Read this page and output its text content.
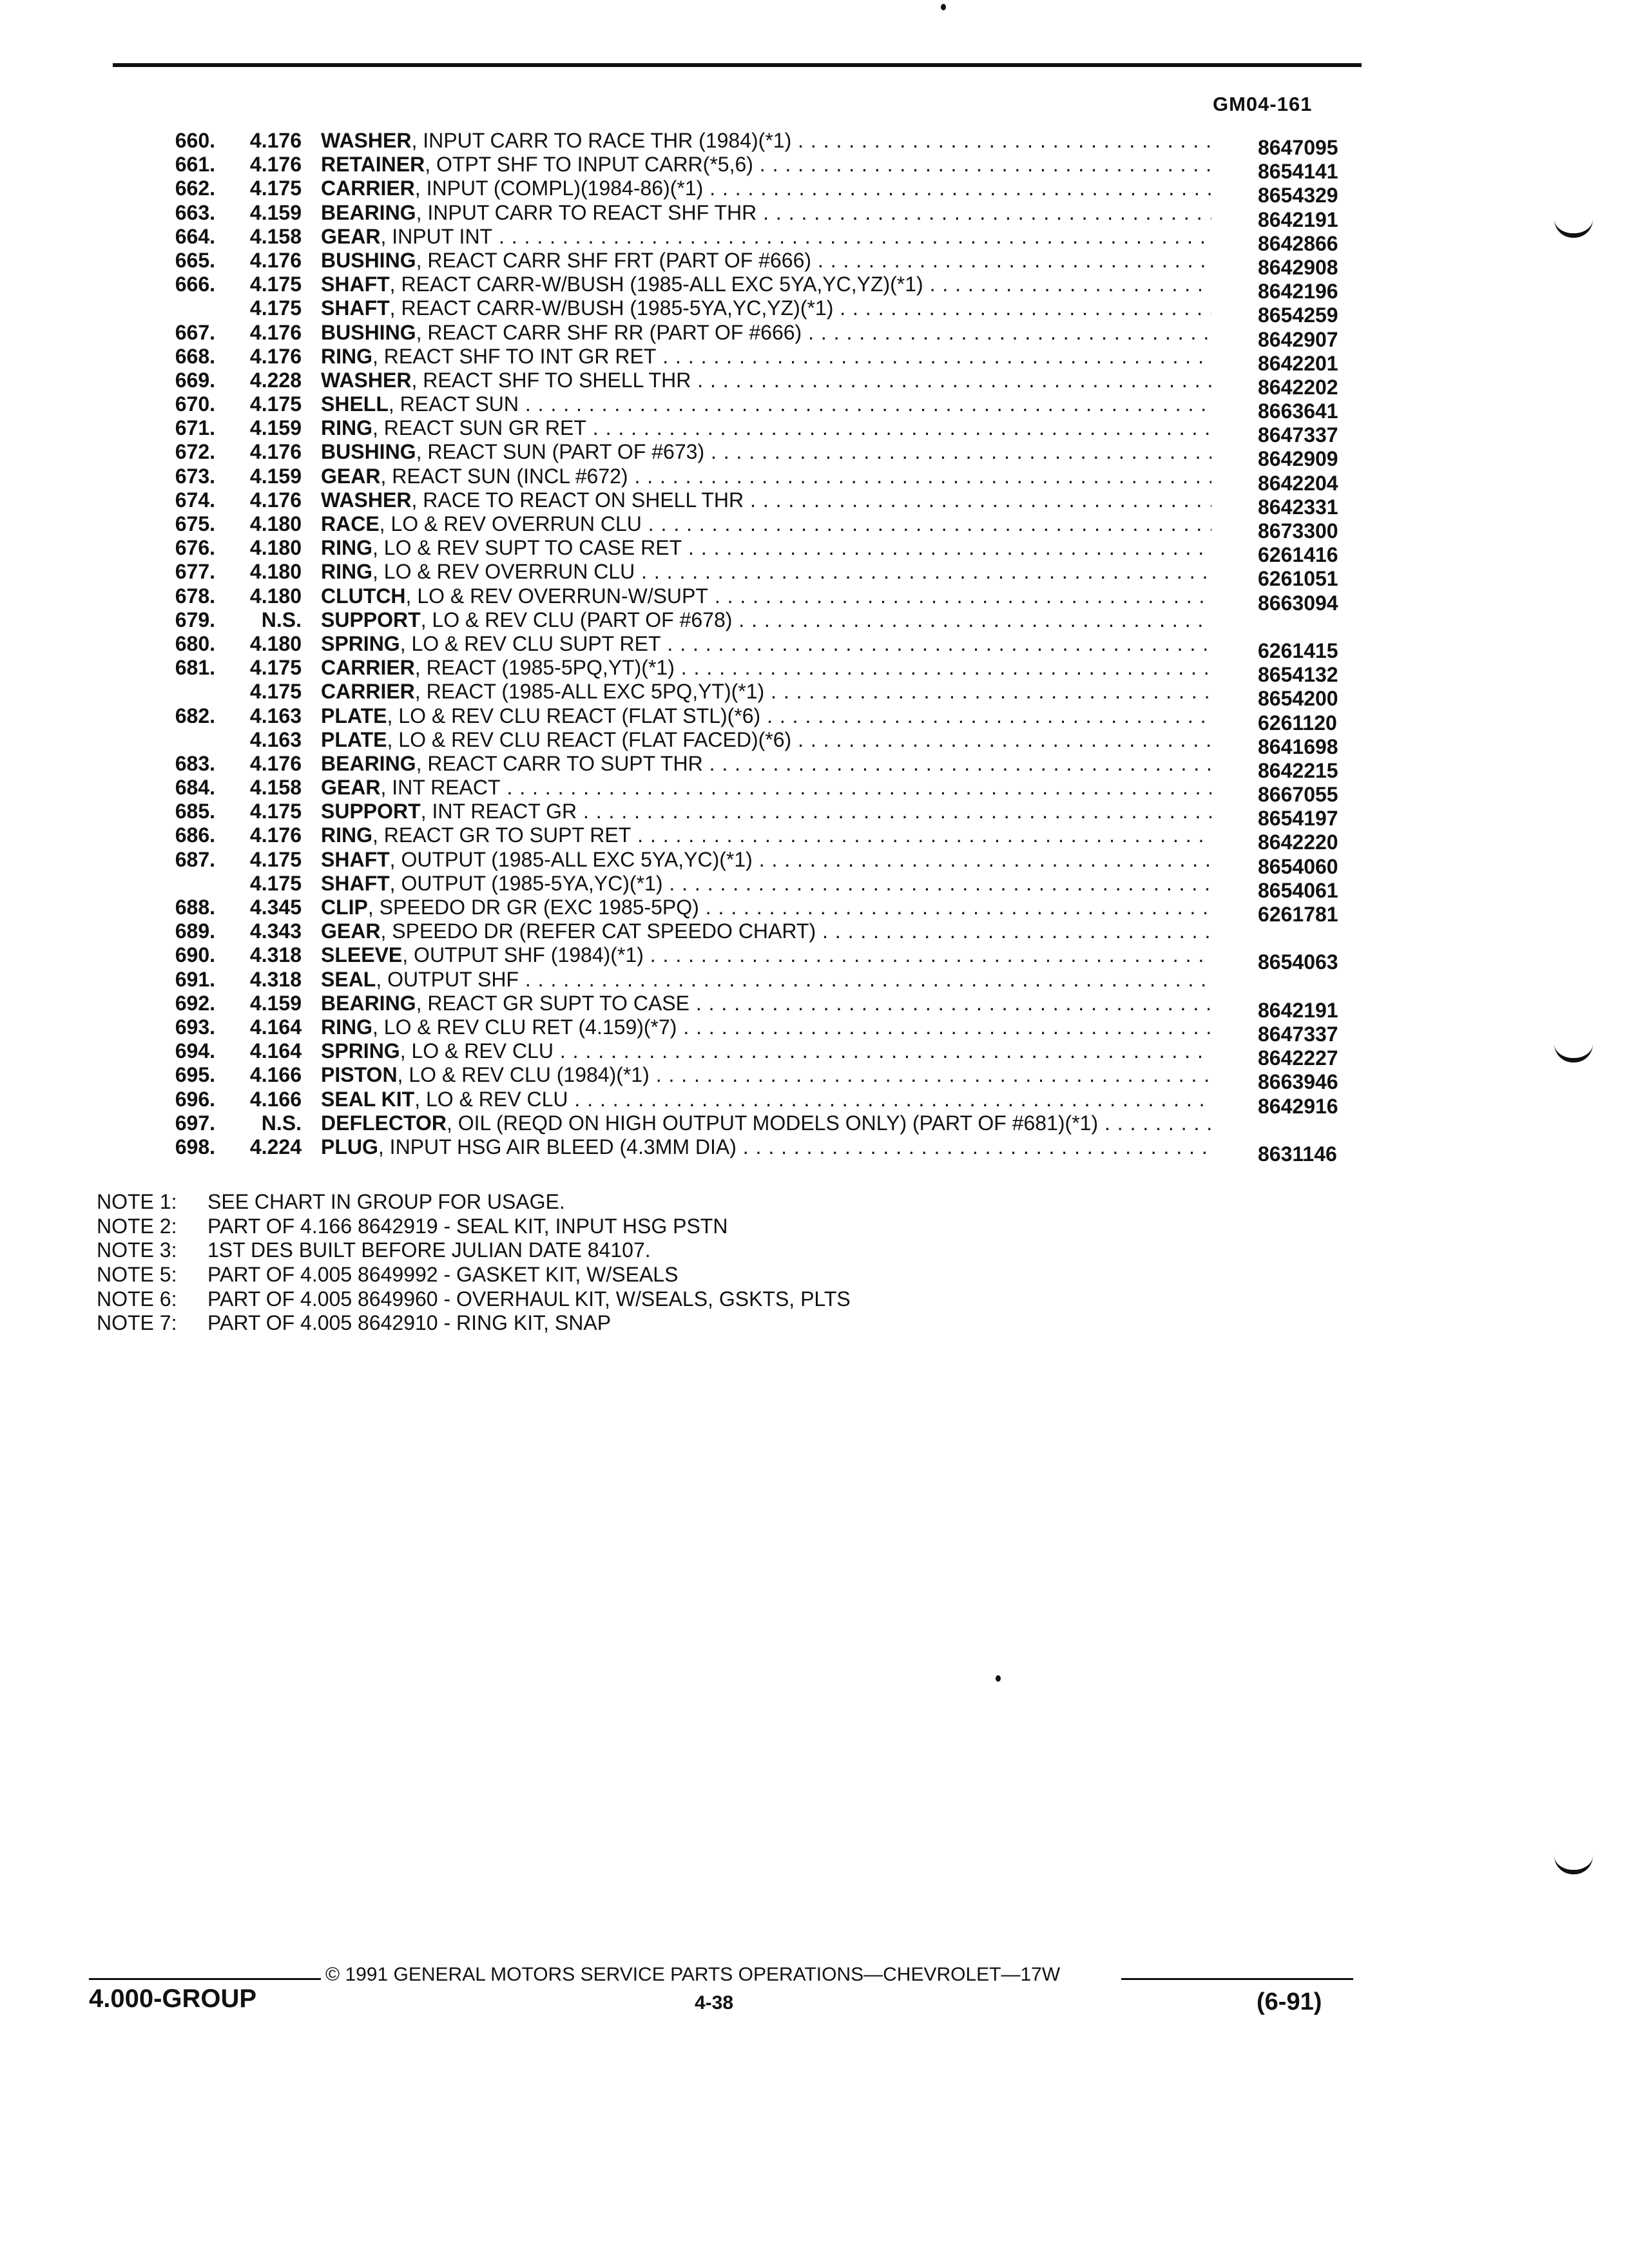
GM04-161
660. 4.176 WASHER, INPUT CARR TO RACE THR (1984)(*1) . . .	8647095
661. 4.176 RETAINER, OTPT SHF TO INPUT CARR(*5,6) . . .	8654141
662. 4.175 CARRIER, INPUT (COMPL)(1984-86)(*1) . . .	8654329
663. 4.159 BEARING, INPUT CARR TO REACT SHF THR . . .	8642191
664. 4.158 GEAR, INPUT INT . . .	8642866
665. 4.176 BUSHING, REACT CARR SHF FRT (PART OF #666) . . .	8642908
666. 4.175 SHAFT, REACT CARR-W/BUSH (1985-ALL EXC 5YA,YC,YZ)(*1) . . .	8642196
4.175 SHAFT, REACT CARR-W/BUSH (1985-5YA,YC,YZ)(*1) . . .	8654259
667. 4.176 BUSHING, REACT CARR SHF RR (PART OF #666) . . .	8642907
668. 4.176 RING, REACT SHF TO INT GR RET . . .	8642201
669. 4.228 WASHER, REACT SHF TO SHELL THR . . .	8642202
670. 4.175 SHELL, REACT SUN . . .	8663641
671. 4.159 RING, REACT SUN GR RET . . .	8647337
672. 4.176 BUSHING, REACT SUN (PART OF #673) . . .	8642909
673. 4.159 GEAR, REACT SUN (INCL #672) . . .	8642204
674. 4.176 WASHER, RACE TO REACT ON SHELL THR . . .	8642331
675. 4.180 RACE, LO & REV OVERRUN CLU . . .	8673300
676. 4.180 RING, LO & REV SUPT TO CASE RET . . .	6261416
677. 4.180 RING, LO & REV OVERRUN CLU . . .	6261051
678. 4.180 CLUTCH, LO & REV OVERRUN-W/SUPT . . .	8663094
679. N.S. SUPPORT, LO & REV CLU (PART OF #678) . . .
680. 4.180 SPRING, LO & REV CLU SUPT RET . . .	6261415
681. 4.175 CARRIER, REACT (1985-5PQ,YT)(*1) . . .	8654132
4.175 CARRIER, REACT (1985-ALL EXC 5PQ,YT)(*1) . . .	8654200
682. 4.163 PLATE, LO & REV CLU REACT (FLAT STL)(*6) . . .	6261120
4.163 PLATE, LO & REV CLU REACT (FLAT FACED)(*6) . . .	8641698
683. 4.176 BEARING, REACT CARR TO SUPT THR . . .	8642215
684. 4.158 GEAR, INT REACT . . .	8667055
685. 4.175 SUPPORT, INT REACT GR . . .	8654197
686. 4.176 RING, REACT GR TO SUPT RET . . .	8642220
687. 4.175 SHAFT, OUTPUT (1985-ALL EXC 5YA,YC)(*1) . . .	8654060
4.175 SHAFT, OUTPUT (1985-5YA,YC)(*1) . . .	8654061
688. 4.345 CLIP, SPEEDO DR GR (EXC 1985-5PQ) . . .	6261781
689. 4.343 GEAR, SPEEDO DR (REFER CAT SPEEDO CHART) . . .
690. 4.318 SLEEVE, OUTPUT SHF (1984)(*1) . . .	8654063
691. 4.318 SEAL, OUTPUT SHF . . .
692. 4.159 BEARING, REACT GR SUPT TO CASE . . .	8642191
693. 4.164 RING, LO & REV CLU RET (4.159)(*7) . . .	8647337
694. 4.164 SPRING, LO & REV CLU . . .	8642227
695. 4.166 PISTON, LO & REV CLU (1984)(*1) . . .	8663946
696. 4.166 SEAL KIT, LO & REV CLU . . .	8642916
697. N.S. DEFLECTOR, OIL (REQD ON HIGH OUTPUT MODELS ONLY) (PART OF #681)(*1) . . .
698. 4.224 PLUG, INPUT HSG AIR BLEED (4.3MM DIA) . . .	8631146
NOTE 1: SEE CHART IN GROUP FOR USAGE.
NOTE 2: PART OF 4.166 8642919 - SEAL KIT, INPUT HSG PSTN
NOTE 3: 1ST DES BUILT BEFORE JULIAN DATE 84107.
NOTE 5: PART OF 4.005 8649992 - GASKET KIT, W/SEALS
NOTE 6: PART OF 4.005 8649960 - OVERHAUL KIT, W/SEALS, GSKTS, PLTS
NOTE 7: PART OF 4.005 8642910 - RING KIT, SNAP
4.000-GROUP
© 1991 GENERAL MOTORS SERVICE PARTS OPERATIONS—CHEVROLET—17W
4-38	(6-91)
